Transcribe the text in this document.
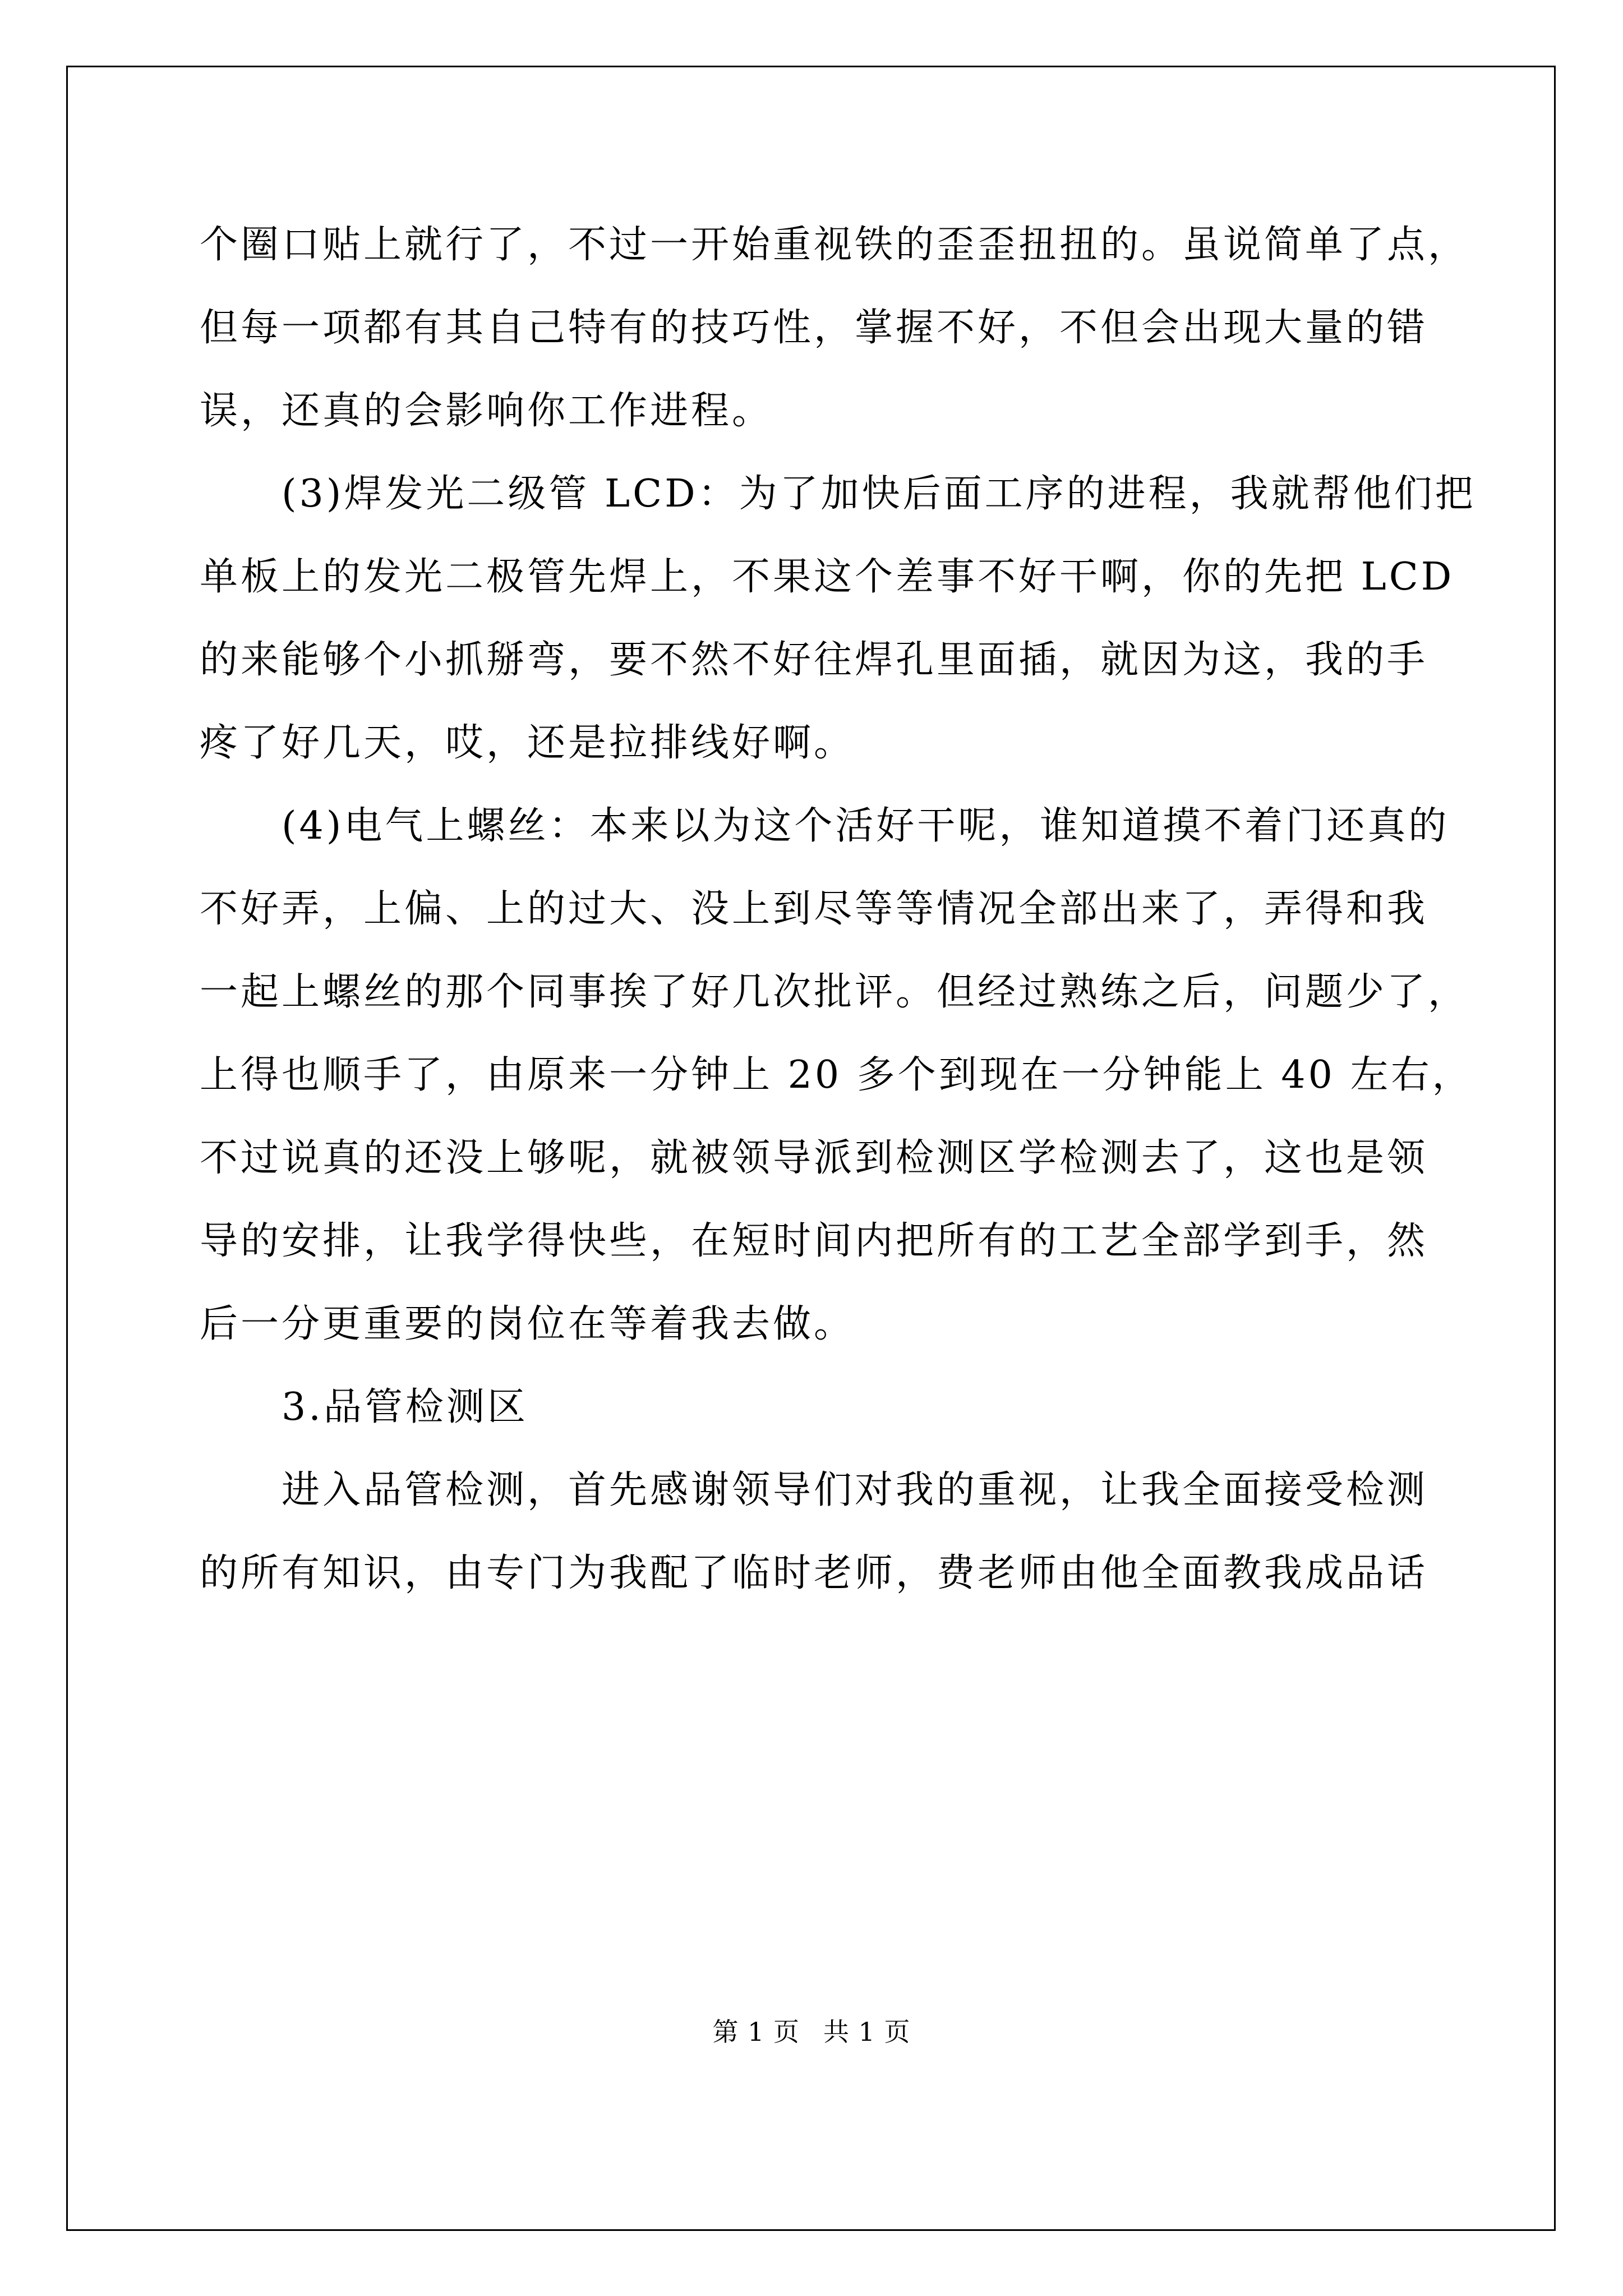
个圈口贴上就行了，不过一开始重视铁的歪歪扭扭的。虽说简单了点，
但每一项都有其自己特有的技巧性，掌握不好，不但会出现大量的错
误，还真的会影响你工作进程。
(3)焊发光二级管 LCD：为了加快后面工序的进程，我就帮他们把
单板上的发光二极管先焊上，不果这个差事不好干啊，你的先把 LCD
的来能够个小抓掰弯，要不然不好往焊孔里面插，就因为这，我的手
疼了好几天，哎，还是拉排线好啊。
(4)电气上螺丝：本来以为这个活好干呢，谁知道摸不着门还真的
不好弄，上偏、上的过大、没上到尽等等情况全部出来了，弄得和我
一起上螺丝的那个同事挨了好几次批评。但经过熟练之后，问题少了，
上得也顺手了，由原来一分钟上 20 多个到现在一分钟能上 40 左右，
不过说真的还没上够呢，就被领导派到检测区学检测去了，这也是领
导的安排，让我学得快些，在短时间内把所有的工艺全部学到手，然
后一分更重要的岗位在等着我去做。
3.品管检测区
进入品管检测，首先感谢领导们对我的重视，让我全面接受检测
的所有知识，由专门为我配了临时老师，费老师由他全面教我成品话
第 1 页 共 1 页
